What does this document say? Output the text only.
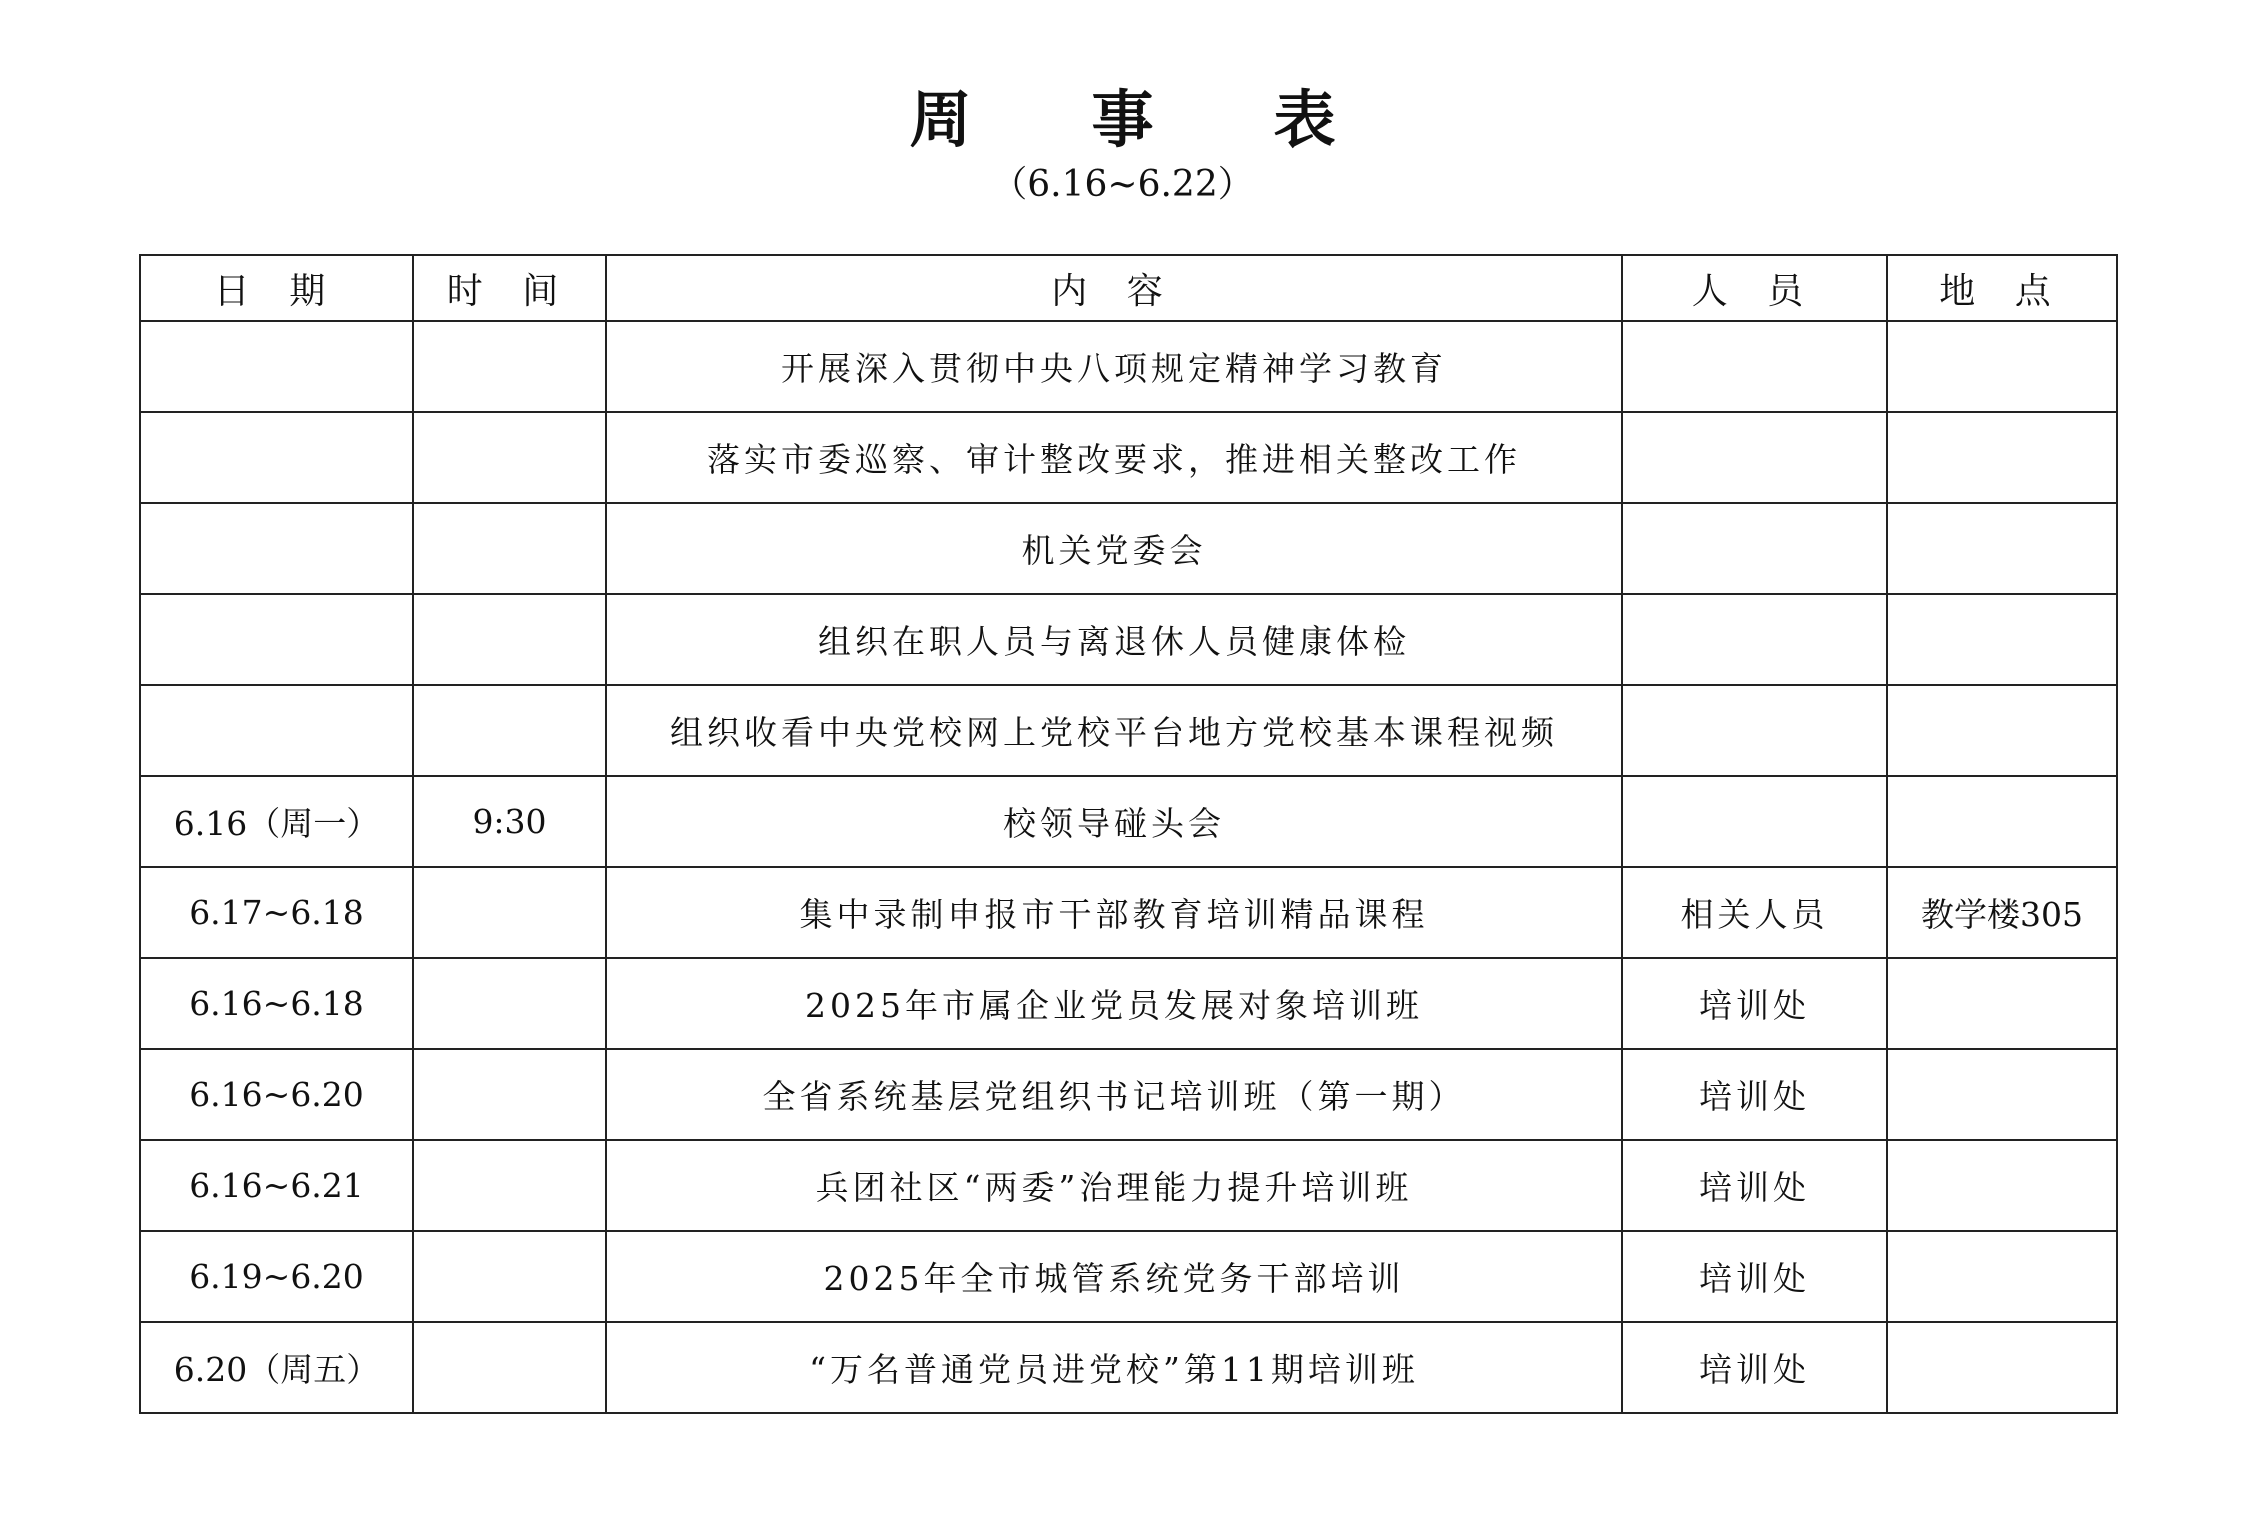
周事表
（6.16~6.22）
日 期	时 间	内 容	人 员	地 点
		开展深入贯彻中央八项规定精神学习教育		
		落实市委巡察、审计整改要求，推进相关整改工作		
		机关党委会		
		组织在职人员与离退休人员健康体检		
		组织收看中央党校网上党校平台地方党校基本课程视频		
6.16（周一）	9:30	校领导碰头会		
6.17~6.18		集中录制申报市干部教育培训精品课程	相关人员	教学楼305
6.16~6.18		2025年市属企业党员发展对象培训班	培训处	
6.16~6.20		全省系统基层党组织书记培训班（第一期）	培训处	
6.16~6.21		兵团社区“两委”治理能力提升培训班	培训处	
6.19~6.20		2025年全市城管系统党务干部培训	培训处	
6.20（周五）		“万名普通党员进党校”第11期培训班	培训处	
